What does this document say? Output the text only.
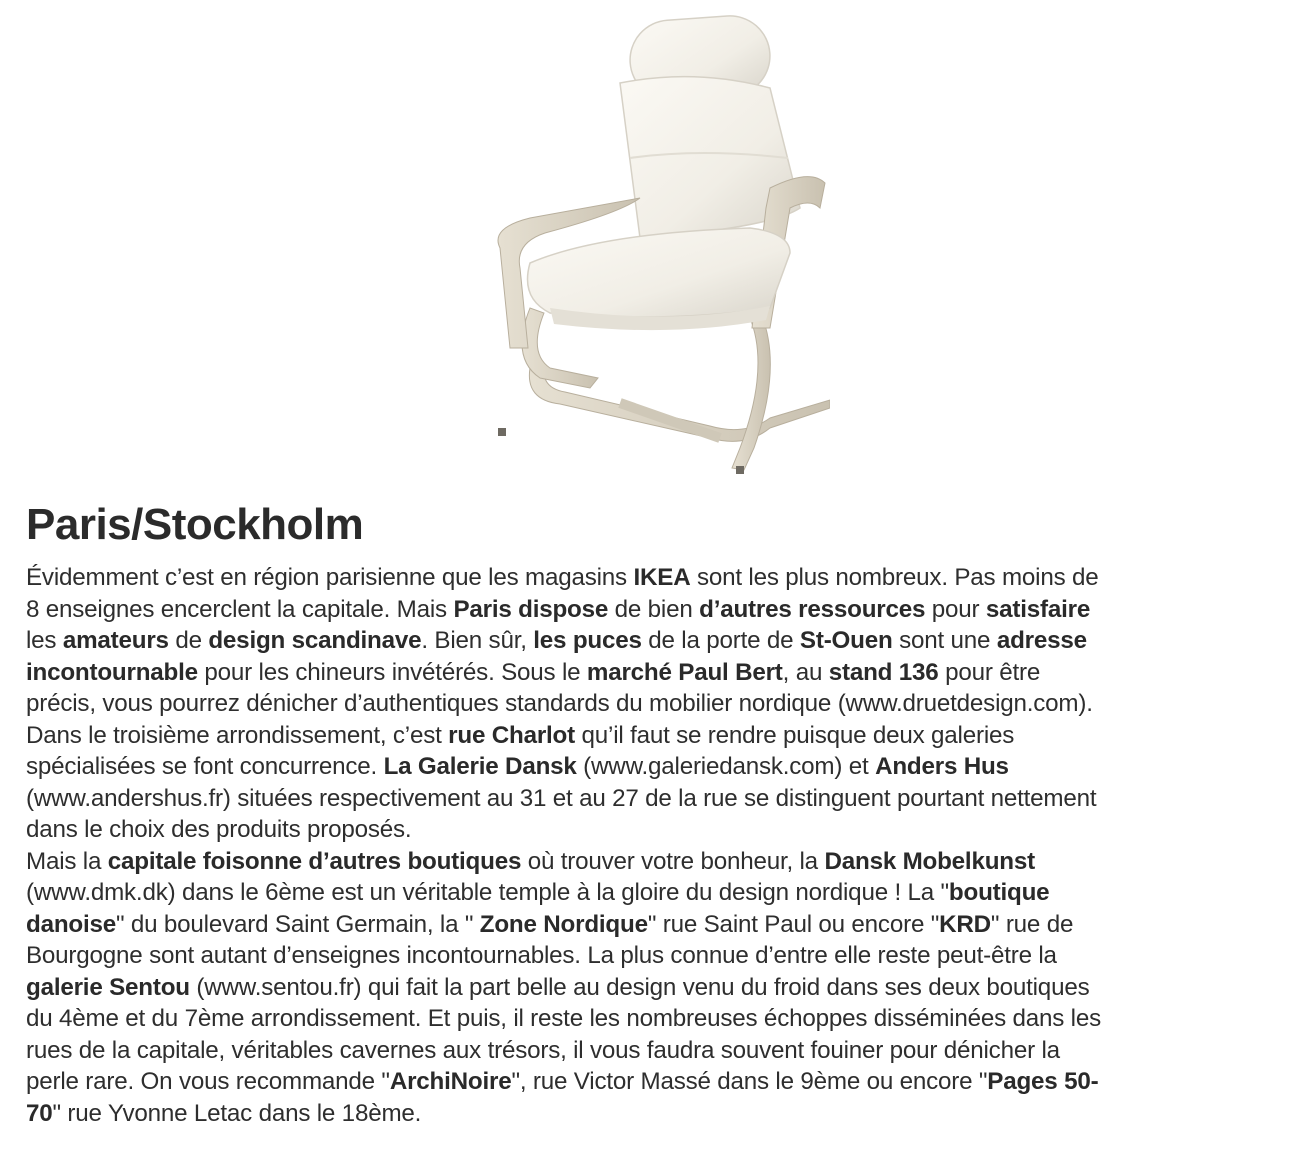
Paris/Stockholm

Évidemment c’est en région parisienne que les magasins IKEA sont les plus nombreux. Pas moins de
8 enseignes encerclent la capitale. Mais Paris dispose de bien d’autres ressources pour satisfaire
les amateurs de design scandinave. Bien sûr, les puces de la porte de St-Ouen sont une adresse
incontournable pour les chineurs invétérés. Sous le marché Paul Bert, au stand 136 pour être
précis, vous pourrez dénicher d’authentiques standards du mobilier nordique (www.druetdesign.com).
Dans le troisième arrondissement, c’est rue Charlot qu’il faut se rendre puisque deux galeries
spécialisées se font concurrence. La Galerie Dansk (www.galeriedansk.com) et Anders Hus
(www.andershus.fr) situées respectivement au 31 et au 27 de la rue se distinguent pourtant nettement
dans le choix des produits proposés.

Mais la capitale foisonne d’autres boutiques où trouver votre bonheur, la Dansk Mobelkunst
(www.dmk.dk) dans le 6ème est un véritable temple à la gloire du design nordique ! La "boutique
danoise" du boulevard Saint Germain, la " Zone Nordique" rue Saint Paul ou encore "KRD" rue de
Bourgogne sont autant d’enseignes incontournables. La plus connue d’entre elle reste peut-être la
galerie Sentou (www.sentou.fr) qui fait la part belle au design venu du froid dans ses deux boutiques
du 4ème et du 7ème arrondissement. Et puis, il reste les nombreuses échoppes disséminées dans les
rues de la capitale, véritables cavernes aux trésors, il vous faudra souvent fouiner pour dénicher la
perle rare. On vous recommande "ArchiNoire", rue Victor Massé dans le 9ème ou encore "Pages 50-
70" rue Yvonne Letac dans le 18ème.
